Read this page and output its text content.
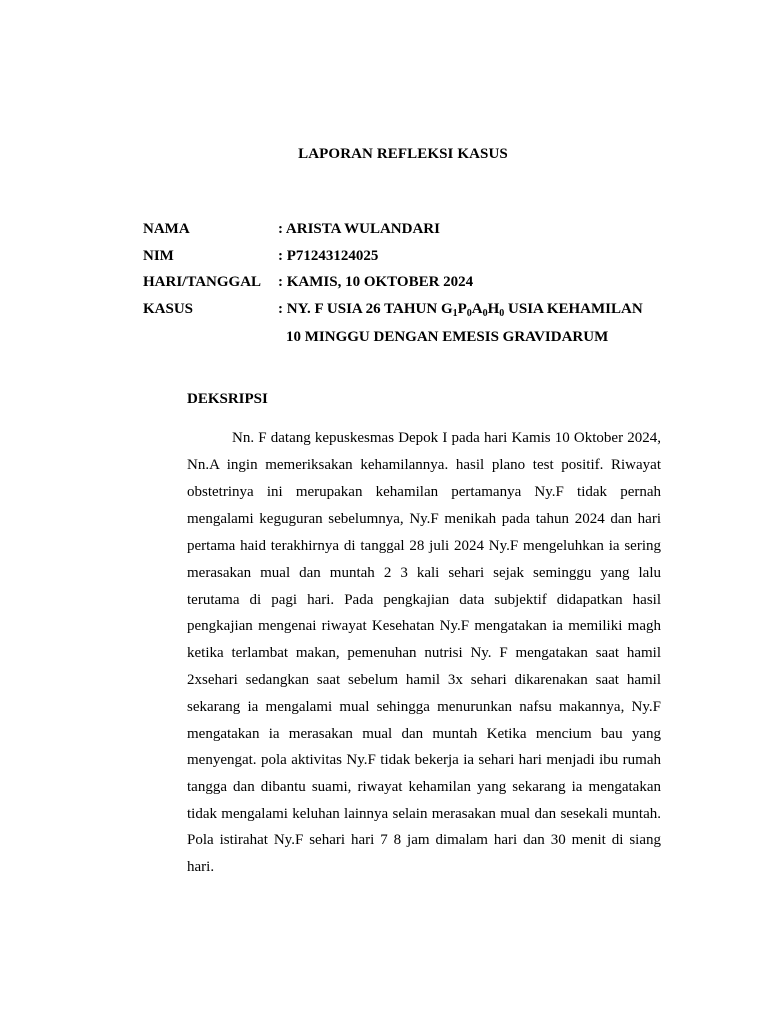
LAPORAN REFLEKSI KASUS
NAMA	: ARISTA WULANDARI
NIM	: P71243124025
HARI/TANGGAL : KAMIS, 10 OKTOBER 2024
KASUS	: NY. F USIA 26 TAHUN $G_1P_0A_0H_0$ USIA KEHAMILAN
10 MINGGU DENGAN EMESIS GRAVIDARUM
DEKSRIPSI
Nn. F datang kepuskesmas Depok I pada hari Kamis 10 Oktober 2024,
Nn.A ingin memeriksakan kehamilannya. hasil plano test positif. Riwayat
obstetrinya ini merupakan kehamilan pertamanya Ny.F tidak pernah
mengalami keguguran sebelumnya, Ny.F menikah pada tahun 2024 dan hari
pertama haid terakhirnya di tanggal 28 juli 2024 Ny.F mengeluhkan ia sering
merasakan mual dan muntah 2 3 kali sehari sejak seminggu yang lalu
terutama di pagi hari. Pada pengkajian data subjektif didapatkan hasil
pengkajian mengenai riwayat Kesehatan Ny.F mengatakan ia memiliki magh
ketika terlambat makan, pemenuhan nutrisi Ny. F mengatakan saat hamil
2xsehari sedangkan saat sebelum hamil 3x sehari dikarenakan saat hamil
sekarang ia mengalami mual sehingga menurunkan nafsu makannya, Ny.F
mengatakan ia merasakan mual dan muntah Ketika mencium bau yang
menyengat. pola aktivitas Ny.F tidak bekerja ia sehari hari menjadi ibu rumah
tangga dan dibantu suami, riwayat kehamilan yang sekarang ia mengatakan
tidak mengalami keluhan lainnya selain merasakan mual dan sesekali muntah.
Pola istirahat Ny.F sehari hari 7 8 jam dimalam hari dan 30 menit di siang
hari.
